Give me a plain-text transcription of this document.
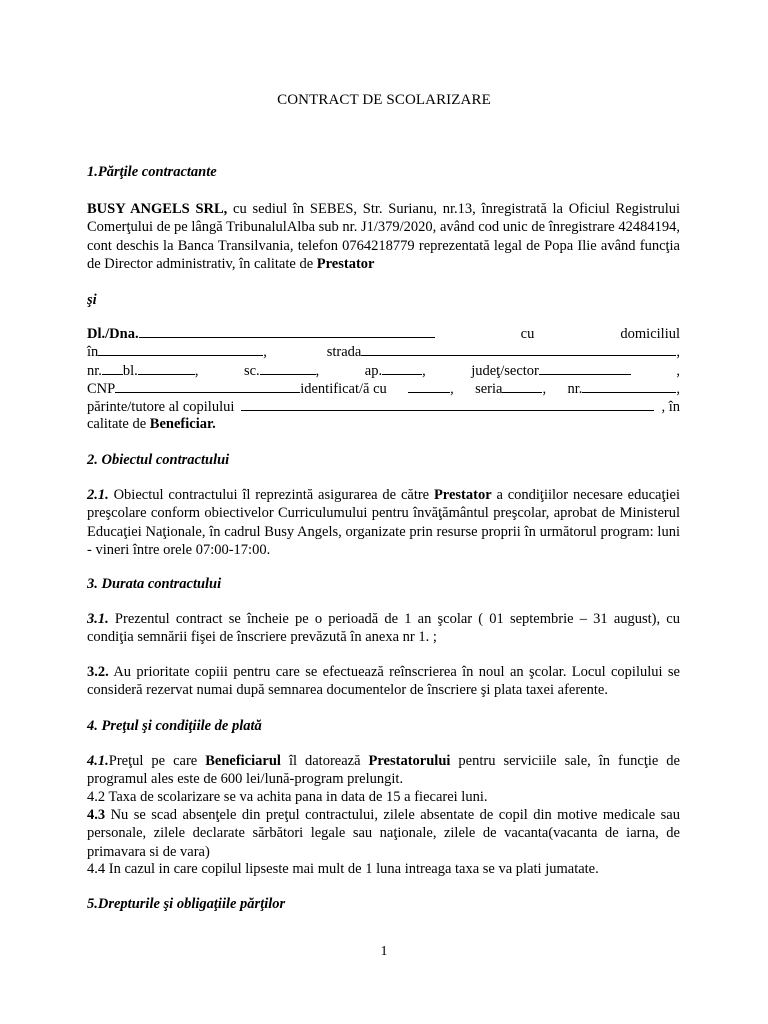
CONTRACT DE SCOLARIZARE
1.Părţile contractante
BUSY ANGELS SRL, cu sediul în SEBES, Str. Surianu, nr.13, înregistrată la Oficiul Registrului Comerţului de pe lângă TribunalulAlba sub nr. J1/379/2020, având cod unic de înregistrare 42484194, cont deschis la Banca Transilvania, telefon 0764218779 reprezentată legal de Popa Ilie având funcţia de Director administrativ, în calitate de Prestator
şi
Dl./Dna.	cu	domiciliul
în	,	strada	,
nr. bl.	,	sc.	,	ap.	,	judeţ/sector	,
CNP	identificat/ă cu	, seria	, nr.	,
părinte/tutore al copilului	, în
calitate de Beneficiar.
2. Obiectul contractului
2.1. Obiectul contractului îl reprezintă asigurarea de către Prestator a condiţiilor necesare educaţiei preşcolare conform obiectivelor Curriculumului pentru învăţământul preşcolar, aprobat de Ministerul Educaţiei Naţionale, în cadrul Busy Angels, organizate prin resurse proprii în următorul program: luni - vineri între orele 07:00-17:00.
3. Durata contractului
3.1. Prezentul contract se încheie pe o perioadă de 1 an şcolar ( 01 septembrie – 31 august), cu condiţia semnării fişei de înscriere prevăzută în anexa nr 1. ;
3.2. Au prioritate copiii pentru care se efectuează reînscrierea în noul an şcolar. Locul copilului se consideră rezervat numai după semnarea documentelor de înscriere şi plata taxei aferente.
4. Preţul şi condiţiile de plată
4.1.Preţul pe care Beneficiarul îl datorează Prestatorului pentru serviciile sale, în funcţie de programul ales este de 600 lei/lună-program prelungit.
4.2 Taxa de scolarizare se va achita pana in data de 15 a fiecarei luni.
4.3 Nu se scad absenţele din preţul contractului, zilele absentate de copil din motive medicale sau personale, zilele declarate sărbători legale sau naţionale, zilele de vacanta(vacanta de iarna, de primavara si de vara)
4.4 In cazul in care copilul lipseste mai mult de 1 luna intreaga taxa se va plati jumatate.
5.Drepturile şi obligaţiile părţilor
1
